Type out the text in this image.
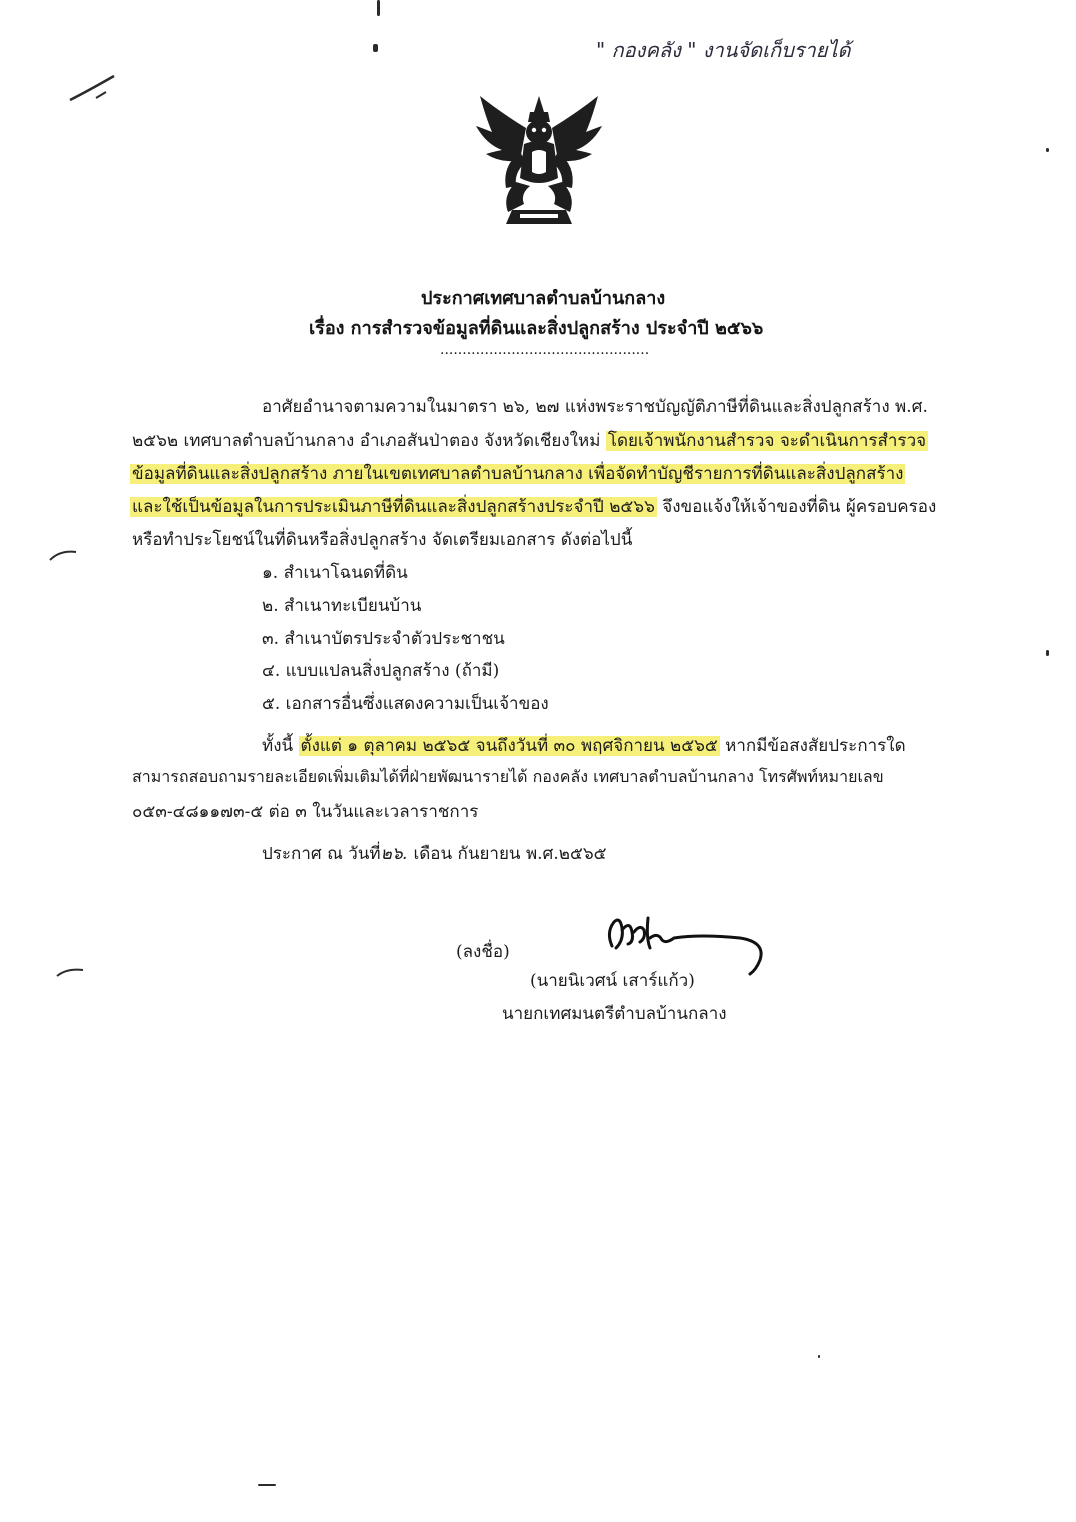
" กองคลัง " งานจัดเก็บรายได้
ประกาศเทศบาลตำบลบ้านกลาง
เรื่อง การสำรวจข้อมูลที่ดินและสิ่งปลูกสร้าง ประจำปี ๒๕๖๖
...............................................
อาศัยอำนาจตามความในมาตรา ๒๖, ๒๗ แห่งพระราชบัญญัติภาษีที่ดินและสิ่งปลูกสร้าง พ.ศ.
๒๕๖๒ เทศบาลตำบลบ้านกลาง อำเภอสันป่าตอง จังหวัดเชียงใหม่ โดยเจ้าพนักงานสำรวจ จะดำเนินการสำรวจ
ข้อมูลที่ดินและสิ่งปลูกสร้าง ภายในเขตเทศบาลตำบลบ้านกลาง เพื่อจัดทำบัญชีรายการที่ดินและสิ่งปลูกสร้าง
และใช้เป็นข้อมูลในการประเมินภาษีที่ดินและสิ่งปลูกสร้างประจำปี ๒๕๖๖ จึงขอแจ้งให้เจ้าของที่ดิน ผู้ครอบครอง
หรือทำประโยชน์ในที่ดินหรือสิ่งปลูกสร้าง จัดเตรียมเอกสาร ดังต่อไปนี้
๑. สำเนาโฉนดที่ดิน
๒. สำเนาทะเบียนบ้าน
๓. สำเนาบัตรประจำตัวประชาชน
๔. แบบแปลนสิ่งปลูกสร้าง (ถ้ามี)
๕. เอกสารอื่นซึ่งแสดงความเป็นเจ้าของ
ทั้งนี้ ตั้งแต่ ๑ ตุลาคม ๒๕๖๕ จนถึงวันที่ ๓๐ พฤศจิกายน ๒๕๖๕ หากมีข้อสงสัยประการใด
สามารถสอบถามรายละเอียดเพิ่มเติมได้ที่ฝ่ายพัฒนารายได้ กองคลัง เทศบาลตำบลบ้านกลาง โทรศัพท์หมายเลข
๐๕๓-๔๘๑๑๗๓-๕ ต่อ ๓ ในวันและเวลาราชการ
ประกาศ ณ วันที่๒๖. เดือน กันยายน พ.ศ.๒๕๖๕
(ลงชื่อ)
(นายนิเวศน์ เสาร์แก้ว)
นายกเทศมนตรีตำบลบ้านกลาง
